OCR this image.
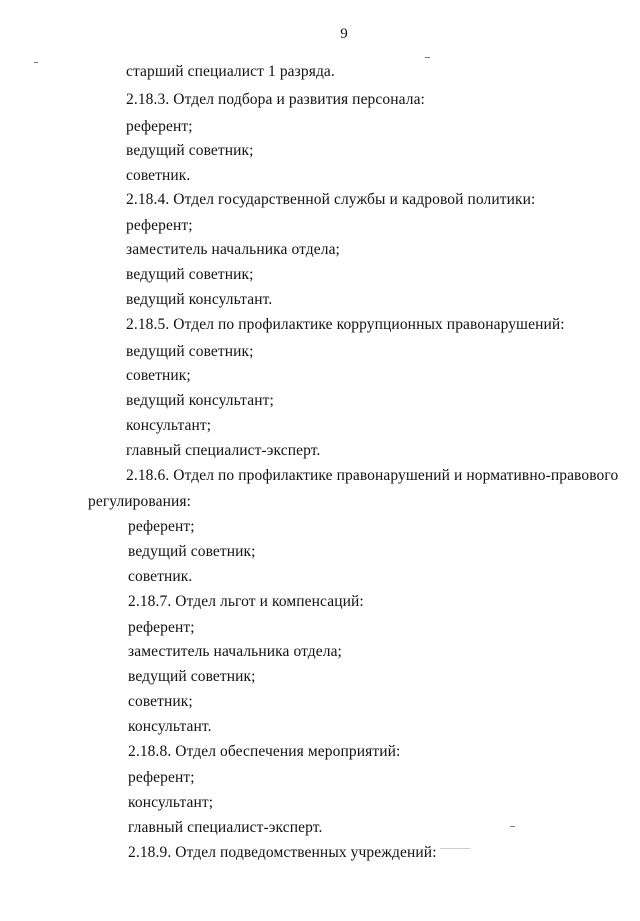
9
старший специалист 1 разряда.
2.18.3. Отдел подбора и развития персонала:
референт;
ведущий советник;
советник.
2.18.4. Отдел государственной службы и кадровой политики:
референт;
заместитель начальника отдела;
ведущий советник;
ведущий консультант.
2.18.5. Отдел по профилактике коррупционных правонарушений:
ведущий советник;
советник;
ведущий консультант;
консультант;
главный специалист-эксперт.
2.18.6. Отдел по профилактике правонарушений и нормативно-правового
регулирования:
референт;
ведущий советник;
советник.
2.18.7. Отдел льгот и компенсаций:
референт;
заместитель начальника отдела;
ведущий советник;
советник;
консультант.
2.18.8. Отдел обеспечения мероприятий:
референт;
консультант;
главный специалист-эксперт.
2.18.9. Отдел подведомственных учреждений:
